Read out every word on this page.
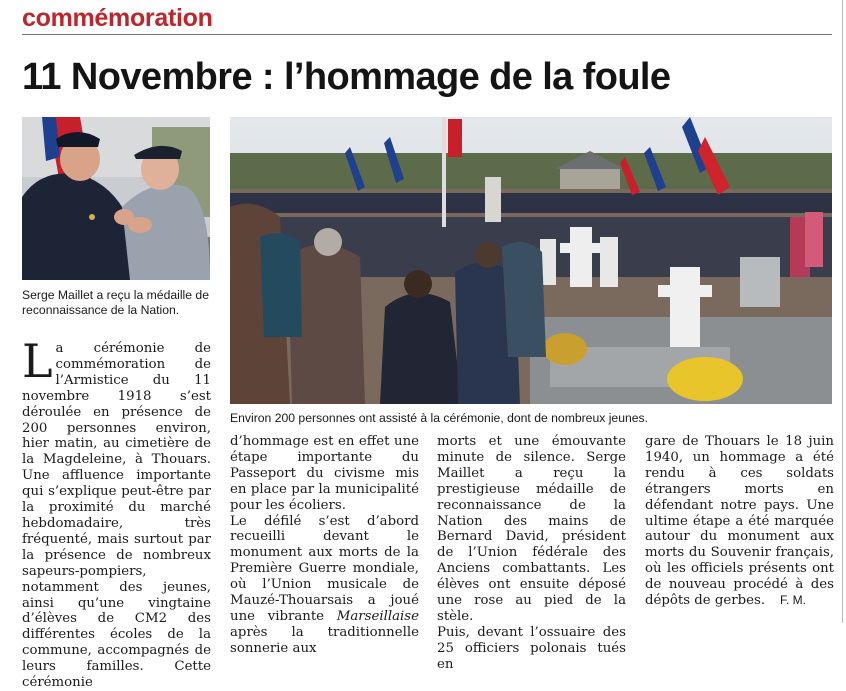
commémoration
11 Novembre : l’hommage de la foule
Serge Maillet a reçu la médaille de reconnaissance de la Nation.
Environ 200 personnes ont assisté à la cérémonie, dont de nombreux jeunes.

La cérémonie de commémoration de l’Armistice du 11 novembre 1918 s’est déroulée en présence de 200 personnes environ, hier matin, au cimetière de la Magdeleine, à Thouars. Une affluence importante qui s’explique peut-être par la proximité du marché hebdomadaire, très fréquenté, mais surtout par la présence de nombreux sapeurs-pompiers, notamment des jeunes, ainsi qu’une vingtaine d’élèves de CM2 des différentes écoles de la commune, accompagnés de leurs familles. Cette cérémonie

d’hommage est en effet une étape importante du Passeport du civisme mis en place par la municipalité pour les écoliers.

Le défilé s’est d’abord recueilli devant le monument aux morts de la Première Guerre mondiale, où l’Union musicale de Mauzé-Thouarsais a joué une vibrante Marseillaise après la traditionnelle sonnerie aux

morts et une émouvante minute de silence. Serge Maillet a reçu la prestigieuse médaille de reconnaissance de la Nation des mains de Bernard David, président de l’Union fédérale des Anciens combattants. Les élèves ont ensuite déposé une rose au pied de la stèle.

Puis, devant l’ossuaire des 25 officiers polonais tués en

gare de Thouars le 18 juin 1940, un hommage a été rendu à ces soldats étrangers morts en défendant notre pays. Une ultime étape a été marquée autour du monument aux morts du Souvenir français, où les officiels présents ont de nouveau procédé à des dépôts de gerbes.	F. M.
